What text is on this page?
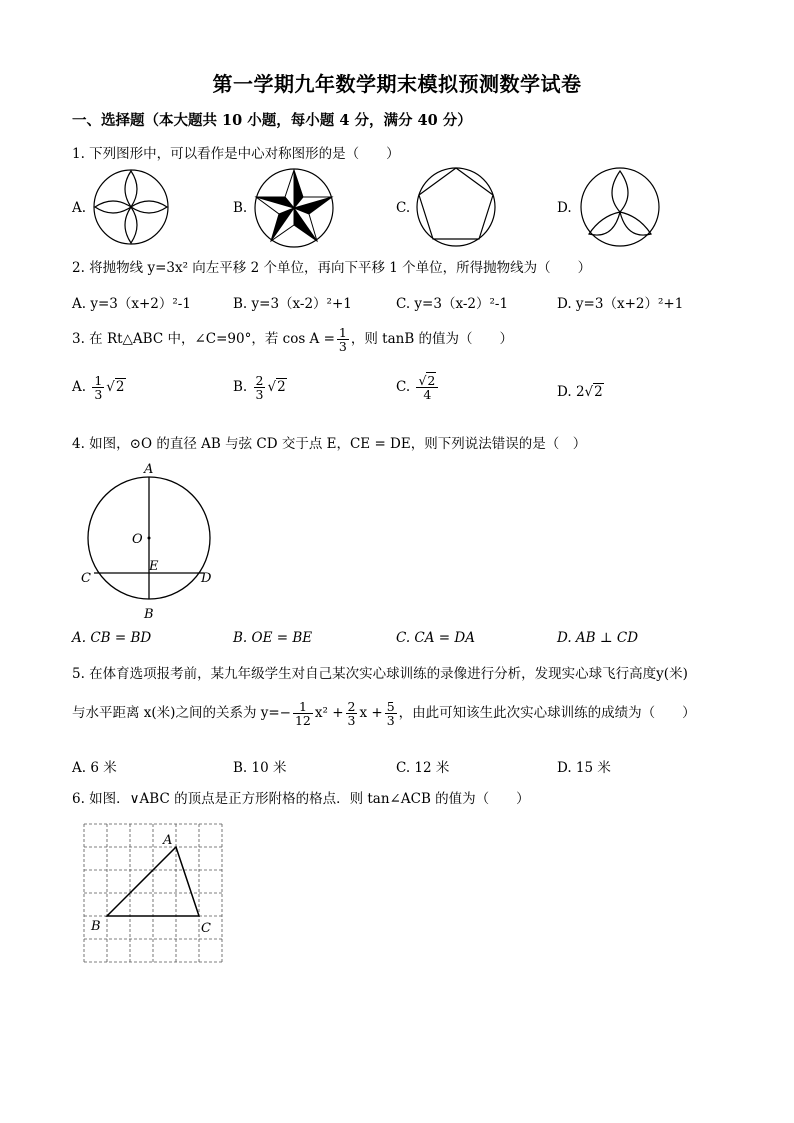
第一学期九年数学期末模拟预测数学试卷
一、选择题（本大题共 10 小题，每小题 4 分，满分 40 分）
1. 下列图形中，可以看作是中心对称图形的是（　　）
A.	B.	C.	D.
2. 将抛物线 y=3x² 向左平移 2 个单位，再向下平移 1 个单位，所得抛物线为（　　）
A. y=3（x+2）²-1	B. y=3（x-2）²+1	C. y=3（x-2）²-1	D. y=3（x+2）²+1
3. 在 Rt△ABC 中，∠C=90°，若 $\cos A = \frac{1}{3}$ ，则 tanB 的值为（　　）
A. $\frac{1}{3} √2$	B. $\frac{2}{3} √2$	C. $\frac{√2}{4}$	D. 2√2
4. 如图，⊙O 的直径 AB 与弦 CD 交于点 E，CE = DE，则下列说法错误的是（　）
A
O
E
C	D
B
A. CB = BD	B. OE = BE	C. CA = DA	D. AB ⊥ CD
5. 在体育选项报考前，某九年级学生对自己某次实心球训练的录像进行分析，发现实心球飞行高度y(米)
与水平距离 x(米)之间的关系为 $y=- \frac{1}{12} x^2 + \frac{2}{3}$ $x + \frac{5}{3}$ ，由此可知该生此次实心球训练的成绩为（　　）
A. 6 米	B. 10 米	C. 12 米	D. 15 米
6. 如图．∨ABC 的顶点是正方形附格的格点．则 tan∠ACB 的值为（　　）
A
B	C
